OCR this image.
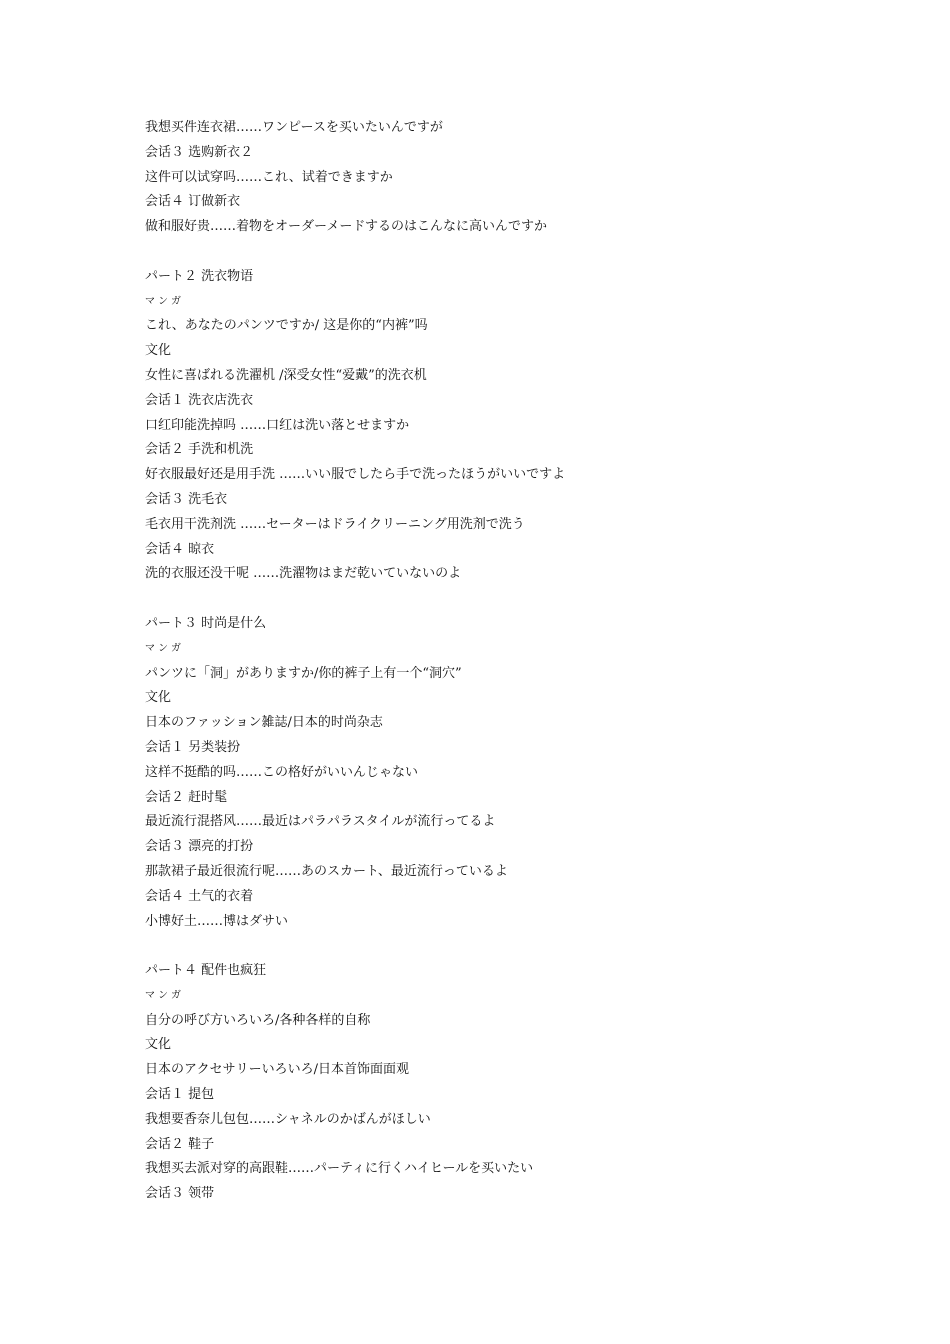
我想买件连衣裙……ワンピースを买いたいんですが
会话３ 选购新衣２
这件可以试穿吗……これ、试着できますか
会话４ 订做新衣
做和服好贵……着物をオーダーメードするのはこんなに高いんですか
パート２ 洗衣物语
マンガ
これ、あなたのパンツですか/ 这是你的“内裤”吗
文化
女性に喜ばれる洗濯机 /深受女性“爱戴”的洗衣机
会话１ 洗衣店洗衣
口红印能洗掉吗 ……口红は洗い落とせますか
会话２ 手洗和机洗
好衣服最好还是用手洗 ……いい服でしたら手で洗ったほうがいいですよ
会话３ 洗毛衣
毛衣用干洗剂洗 ……セーターはドライクリーニング用洗剂で洗う
会话４ 晾衣
洗的衣服还没干呢 ……洗濯物はまだ乾いていないのよ
パート３ 时尚是什么
マンガ
パンツに「洞」がありますか/你的裤子上有一个“洞穴”
文化
日本のファッション雑誌/日本的时尚杂志
会话１ 另类装扮
这样不挺酷的吗……この格好がいいんじゃない
会话２ 赶时髦
最近流行混搭风……最近はパラパラスタイルが流行ってるよ
会话３ 漂亮的打扮
那款裙子最近很流行呢……あのスカート、最近流行っているよ
会话４ 土气的衣着
小博好土……博はダサい
パート４ 配件也疯狂
マンガ
自分の呼び方いろいろ/各种各样的自称
文化
日本のアクセサリーいろいろ/日本首饰面面观
会话１ 提包
我想要香奈儿包包……シャネルのかばんがほしい
会话２ 鞋子
我想买去派对穿的高跟鞋……パーティに行くハイヒールを买いたい
会话３ 领带
